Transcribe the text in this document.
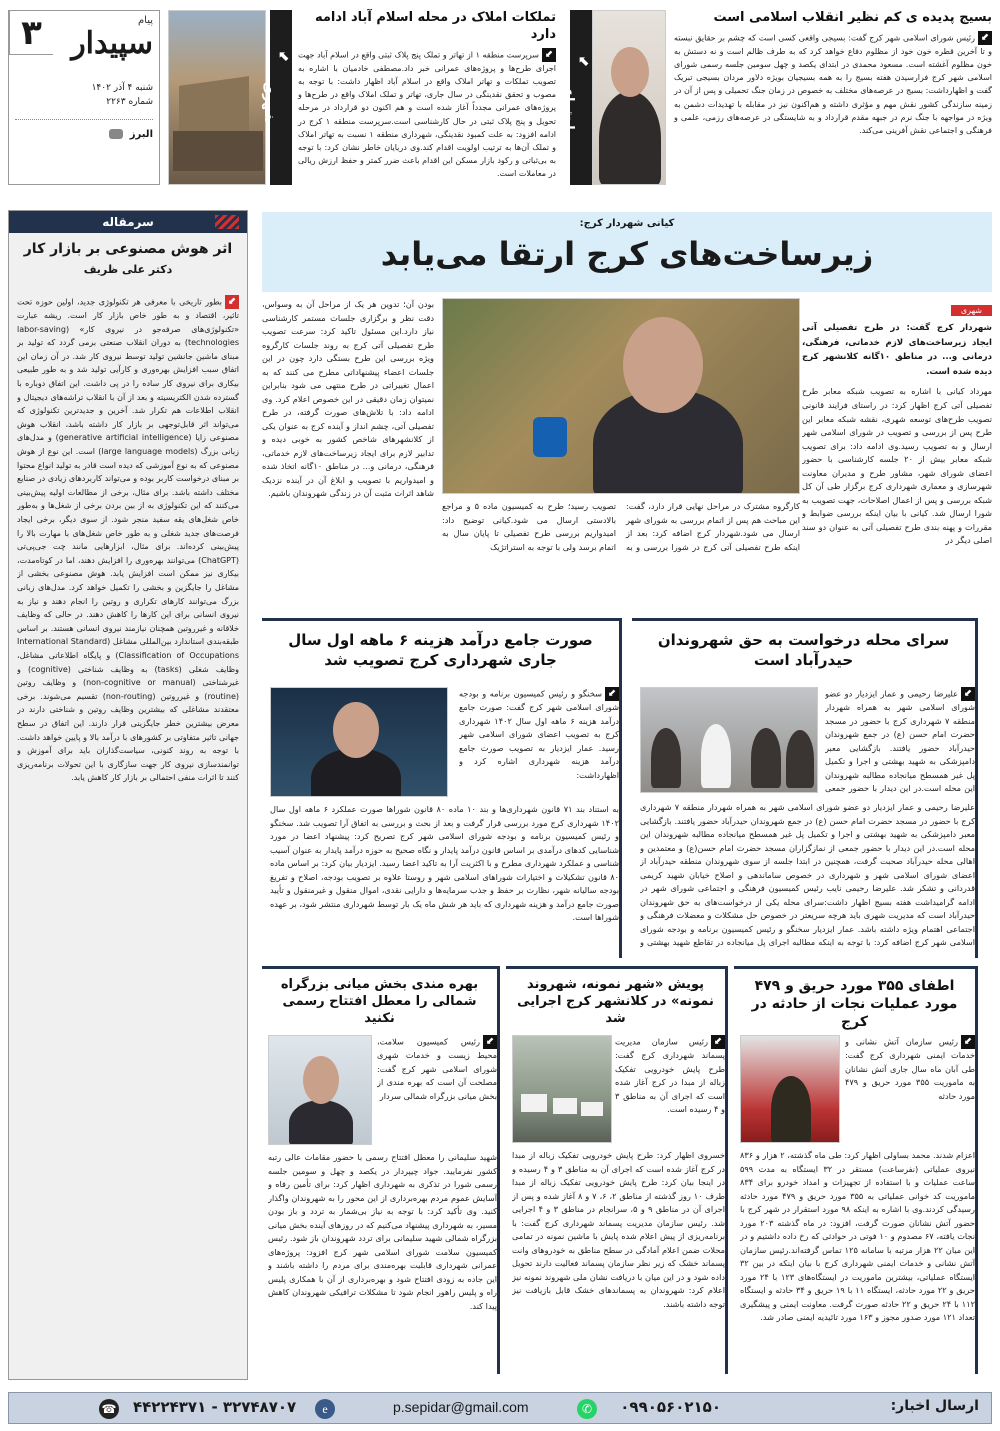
۳	پیام
سپیدار
شنبه ۴ آذر ۱۴۰۲
شماره ۲۲۶۳
البرز
⬋
شهری
تملکات املاک در محله اسلام آباد ادامه دارد

⬋سرپرست منطقه ۱ از تهاتر و تملک پنج پلاک ثبتی واقع در اسلام آباد جهت اجرای طرح‌ها و پروژه‌های عمرانی خبر داد.مصطفی خادمیان با اشاره به تصویب تملکات و تهاتر املاک واقع در اسلام آباد اظهار داشت: با توجه به مصوب و تحقق نقدینگی در سال جاری، تهاتر و تملک املاک واقع در طرح‌ها و پروژه‌های عمرانی مجدداً آغاز شده است و هم اکنون دو قرارداد در مرحله تحویل و پنج پلاک ثبتی در حال کارشناسی است.سرپرست منطقه ۱ کرج در ادامه افزود: به علت کمبود نقدینگی، شهرداری منطقه ۱ نسبت به تهاتر املاک و تملک آن‌ها به ترتیب اولویت اقدام کند.وی دریایان خاطر نشان کرد: با توجه به بی‌ثباتی و رکود بازار مسکن این اقدام باعث ضرر کمتر و حفظ ارزش ریالی در معاملات است.

⬋
اجتماعی
بسیج پدیده ی کم نظیر انقلاب اسلامی است

⬋رئیس شورای اسلامی شهر کرج گفت: بسیجی واقعی کسی است که چشم بر حقایق نبسته و تا آخرین قطره خون خود از مظلوم دفاع خواهد کرد که به طرف ظالم است و نه دستش به خون مظلوم آغشته است. مسعود محمدی در ابتدای یکصد و چهل سومین جلسه رسمی شورای اسلامی شهر کرج فرارسیدن هفته بسیج را به همه بسیجیان بویژه دلاور مردان بسیجی تبریک گفت و اظهارداشت: بسیج در عرصه‌های مختلف به خصوص در زمان جنگ تحمیلی و پس از آن در زمینه سازندگی کشور نقش مهم و مؤثری داشته و هم‌اکنون نیز در مقابله با تهدیدات دشمن به ویژه در مواجهه با جنگ نرم در جبهه مقدم قرارداد و به شایستگی در عرصه‌های رزمی، علمی و فرهنگی و اجتماعی نقش آفرینی می‌کند.

سرمقاله
اثر هوش مصنوعی بر بازار کار
دکتر علی ظریف

⬋بطور تاریخی با معرفی هر تکنولوژی جدید، اولین حوزه تحت تاثیر، اقتصاد و به طور خاص بازار کار است. ریشه عبارت «تکنولوژی‌های صرفه‌جو در نیروی کار» (labor-saving technologies) به دوران انقلاب صنعتی برمی گردد که تولید بر مبنای ماشین جانشین تولید توسط نیروی کار شد. در آن زمان این اتفاق سبب افزایش بهره‌وری و کارآیی تولید شد و به طور طبیعی بیکاری برای نیروی کار ساده را در پی داشت. این اتفاق دوباره با گسترده شدن الکتریسیته و بعد از آن با انقلاب تراشه‌های دیجیتال و انقلاب اطلاعات هم تکرار شد. آخرین و جدیدترین تکنولوژی که می‌تواند اثر قابل‌توجهی بر بازار کار داشته باشد، انقلاب هوش مصنوعی زایا (generative artificial intelligence) و مدل‌های زبانی بزرگ (large language models) است. این نوع از هوش مصنوعی که به نوع آموزشی که دیده است قادر به تولید انواع محتوا بر مبنای درخواست کاربر بوده و می‌تواند کاربردهای زیادی در صنایع مختلف داشته باشد. برای مثال، برخی از مطالعات اولیه پیش‌بینی می‌کنند که این تکنولوژی به از بین بردن برخی از شغل‌ها و به‌طور خاص شغل‌های یقه سفید منجر شود. از سوی دیگر، برخی ایجاد فرصت‌های جدید شغلی و به طور خاص شغل‌های با مهارت بالا را پیش‌بینی کرده‌اند. برای مثال، ابزارهایی مانند چت جی‌پی‌تی (ChatGPT) می‌توانند بهره‌وری را افزایش دهند، اما در کوتاه‌مدت، بیکاری نیز ممکن است افزایش یابد. هوش مصنوعی بخشی از مشاغل را جایگزین و بخشی را تکمیل خواهد کرد. مدل‌های زبانی بزرگ می‌توانند کارهای تکراری و روتین را انجام دهند و نیاز به نیروی انسانی برای این کارها را کاهش دهند. در حالی که وظایف خلاقانه و غیرروتین همچنان نیازمند نیروی انسانی هستند. بر اساس طبقه‌بندی استاندارد بین‌المللی مشاغل (International Standard Classification of Occupations) و پایگاه اطلاعاتی مشاغل، وظایف شغلی (tasks) به وظایف شناختی (cognitive) و غیرشناختی (non-cognitive or manual) و وظایف روتین (routine) و غیرروتین (non-routing) تقسیم می‌شوند. برخی معتقدند مشاغلی که بیشترین وظایف روتین و شناختی دارند در معرض بیشترین خطر جایگزینی قرار دارند. این اتفاق در سطح جهانی تاثیر متفاوتی بر کشورهای با درآمد بالا و پایین خواهد داشت. با توجه به روند کنونی، سیاست‌گذاران باید برای آموزش و توانمندسازی نیروی کار جهت سازگاری با این تحولات برنامه‌ریزی کنند تا اثرات منفی احتمالی بر بازار کار کاهش یابد.

کیانی شهردار کرج:
زیرساخت‌های کرج ارتقا می‌یابد
شهری
شهردار کرج گفت: در طرح تفصیلی آتی ایجاد زیرساخت‌های لازم خدماتی، فرهنگی، درمانی و... در مناطق ۱۰گانه کلانشهر کرج دیده شده است.

مهرداد کیانی با اشاره به تصویب شبکه معابر طرح تفصیلی آتی کرج اظهار کرد: در راستای فرایند قانونی تصویب طرح‌های توسعه شهری، نقشه شبکه معابر این طرح پس از بررسی و تصویب در شورای اسلامی شهر ارسال و به تصویب رسید.وی ادامه داد: برای تصویب شبکه معابر بیش از ۲۰ جلسه کارشناسی با حضور اعضای شورای شهر، مشاور طرح و مدیران معاونت شهرسازی و معماری شهرداری کرج برگزار طی آن کل شبکه بررسی و پس از اعمال اصلاحات، جهت تصویب به شورا ارسال شد. کیانی با بیان اینکه بررسی ضوابط و مقررات و پهنه بندی طرح تفصیلی آتی به عنوان دو سند اصلی دیگر در

کارگروه مشترک در مراحل نهایی قرار دارد، گفت: این مباحث هم پس از اتمام بررسی به شورای شهر ارسال می شود.شهردار کرج اضافه کرد: بعد از اینکه طرح تفصیلی آتی کرج در شورا بررسی و به تصویب رسید؛ طرح به کمیسیون ماده ۵ و مراجع بالادستی ارسال می شود.کیانی توضیح داد: امیدواریم بررسی طرح تفصیلی تا پایان سال به اتمام برسد ولی با توجه به استراتژیک

بودن آن؛ تدوین هر یک از مراحل آن به وسواس، دقت نظر و برگزاری جلسات مستمر کارشناسی نیاز دارد.این مسئول تاکید کرد: سرعت تصویب طرح تفصیلی آتی کرج به روند جلسات کارگروه ویژه بررسی این طرح بستگی دارد چون در این جلسات اعضاء پیشنهاداتی مطرح می کنند که به اعمال تغییراتی در طرح منتهی می شود بنابراین نمیتوان زمان دقیقی در این خصوص اعلام کرد. وی ادامه داد: با تلاش‌های صورت گرفته، در طرح تفصیلی آتی، چشم انداز و آینده کرج به عنوان یکی از کلانشهرهای شاخص کشور به خوبی دیده و تدابیر لازم برای ایجاد زیرساخت‌های لازم خدماتی، فرهنگی، درمانی و... در مناطق ۱۰گانه اتخاذ شده و امیدواریم با تصویب و ابلاغ آن در آینده نزدیک شاهد اثرات مثبت آن در زندگی شهروندان باشیم.

سرای محله درخواست به حق شهروندان حیدرآباد است

⬋علیرضا رحیمی و عمار ایزدیار دو عضو شورای اسلامی شهر به همراه شهردار منطقه ۷ شهرداری کرج با حضور در مسجد حضرت امام حسن (ع) در جمع شهروندان حیدرآباد حضور یافتند. بازگشایی معبر دامپزشکی به شهید بهشتی و اجرا و تکمیل پل غیر همسطح میانجاده مطالبه شهروندان این محله است.در این دیدار با حضور جمعی

علیرضا رحیمی و عمار ایزدیار دو عضو شورای اسلامی شهر به همراه شهردار منطقه ۷ شهرداری کرج با حضور در مسجد حضرت امام حسن (ع) در جمع شهروندان حیدرآباد حضور یافتند. بازگشایی معبر دامپزشکی به شهید بهشتی و اجرا و تکمیل پل غیر همسطح میانجاده مطالبه شهروندان این محله است.در این دیدار با حضور جمعی از نمازگزاران مسجد حضرت امام حسن(ع) و معتمدین و اهالی محله حیدرآباد صحبت گرفت، همچنین در ابتدا جلسه از سوی شهروندان منطقه حیدرآباد از اعضای شورای اسلامی شهر و شهرداری در خصوص ساماندهی و اصلاح خیابان شهید کریمی قدردانی و تشکر شد. علیرضا رحیمی نایب رئیس کمیسیون فرهنگی و اجتماعی شورای شهر در ادامه گرامیداشت هفته بسیج اظهار داشت:سرای محله یکی از درخواست‌های به حق شهروندان حیدرآباد است که مدیریت شهری باید هرچه سریعتر در خصوص حل مشکلات و معضلات فرهنگی و اجتماعی اهتمام ویژه داشته باشد. عمار ایزدیار سخنگو و رئیس کمیسیون برنامه و بودجه شورای اسلامی شهر کرج اضافه کرد: با توجه به اینکه مطالبه اجرای پل میانجاده در تقاطع شهید بهشتی و

صورت جامع درآمد هزینه ۶ ماهه اول سال جاری شهرداری کرج تصویب شد

⬋سخنگو و رئیس کمیسیون برنامه و بودجه شورای اسلامی شهر کرج گفت: صورت جامع درآمد هزینه ۶ ماهه اول سال ۱۴۰۲ شهرداری کرج به تصویب اعضای شورای اسلامی شهر رسید. عمار ایزدیار به تصویب صورت جامع درآمد هزینه شهرداری اشاره کرد و اظهارداشت:

به استناد بند ۷۱ قانون شهرداری‌ها و بند ۱۰ ماده ۸۰ قانون شوراها صورت عملکرد ۶ ماهه اول سال ۱۴۰۲ شهرداری کرج مورد بررسی قرار گرفت و بعد از بحث و بررسی به اتفاق آرا تصویب شد. سخنگو و رئیس کمیسیون برنامه و بودجه شورای اسلامی شهر کرج تصریح کرد: پیشنهاد اعضا در مورد شناسایی کدهای درآمدی بر اساس قانون درآمد پایدار و نگاه صحیح به حوزه درآمد پایدار به عنوان آسیب شناسی و عملکرد شهرداری مطرح و با اکثریت آرا به تاکید اعضا رسید. ایزدیار بیان کرد: بر اساس ماده ۸۰ قانون تشکیلات و اختیارات شوراهای اسلامی شهر و روستا علاوه بر تصویب بودجه، اصلاح و تفریغ بودجه سالیانه شهر، نظارت بر حفظ و جذب سرمایه‌ها و دارایی نقدی، اموال منقول و غیرمنقول و تأیید صورت جامع درآمد و هزینه شهرداری که باید هر شش ماه یک بار توسط شهرداری منتشر شود، بر عهده شوراها است.

اطفای ۳۵۵ مورد حریق و ۴۷۹ مورد عملیات نجات از حادثه در کرج

⬋رئیس سازمان آتش نشانی و خدمات ایمنی شهرداری کرج گفت: طی آبان ماه سال جاری آتش نشانان به ماموریت ۳۵۵ مورد حریق و ۴۷۹ مورد حادثه

اعزام شدند. محمد بساولی اظهار کرد: طی ماه گذشته، ۲ هزار و ۸۳۶ نیروی عملیاتی (نفرساعت) مستقر در ۳۲ ایستگاه به مدت ۵۹۹ ساعت عملیات و با استفاده از تجهیزات و امداد خودرو برای ۸۳۴ ماموریت کد خوانی عملیاتی به ۳۵۵ مورد حریق و ۴۷۹ مورد حادثه رسیدگی کردند.وی با اشاره به اینکه ۹۸ مورد استقرار در شهر کرج با حضور آتش نشانان صورت گرفت، افزود: در ماه گذشته ۲۰۳ مورد نجات یافته، ۶۷ مصدوم و ۱۰ فوتی در حوادثی که رخ داده داشتیم و در این میان ۲۲ هزار مرتبه با سامانه ۱۲۵ تماس گرفته‌اند.رئیس سازمان آتش نشانی و خدمات ایمنی شهرداری کرج با بیان اینکه در بین ۳۲ ایستگاه عملیاتی، بیشترین ماموریت در ایستگاه‌های ۱۲۳ با ۲۴ مورد حریق و ۲۲ مورد حادثه، ایستگاه ۱۱ با ۱۹ حریق و ۳۴ حادثه و ایستگاه ۱۱۲ با ۲۴ حریق و ۲۲ حادثه صورت گرفت. معاونت ایمنی و پیشگیری تعداد ۱۲۱ مورد صدور مجوز و ۱۶۳ مورد تائیدیه ایمنی صادر شد.

پویش «شهر نمونه، شهروند نمونه» در کلانشهر کرج اجرایی شد

⬋رئیس سازمان مدیریت پسماند شهرداری کرج گفت: طرح پایش خودرویی تفکیک زباله از مبدا در کرج آغاز شده است که اجرای آن به مناطق ۳ و ۴ رسیده است.

خسروی اظهار کرد: طرح پایش خودرویی تفکیک زباله از مبدا در کرج آغاز شده است که اجرای آن به مناطق ۳ و ۴ رسیده و در اینجا بیان کرد: طرح پایش خودرویی تفکیک زباله از مبدا طرف ۱۰ روز گذشته از مناطق ۲، ۶، ۷ و ۸ آغاز شده و پس از اجرای آن در مناطق ۹ و ۵، سرانجام در مناطق ۳ و ۴ اجرایی شد. رئیس سازمان مدیریت پسماند شهرداری کرج گفت: با برنامه‌ریزی از پیش اعلام شده پایش با ماشین نمونه در تمامی محلات ضمن اعلام آمادگی در سطح مناطق به خودروهای وانت پسماند خشک که زیر نظر سازمان پسماند فعالیت دارند تحویل داده شود و در این میان با دریافت نشان ملی شهروند نمونه نیز اعلام کرد: شهروندان به پسماندهای خشک قابل بازیافت نیز توجه داشته باشند.

بهره مندی بخش میانی بزرگراه شمالی را معطل افتتاح رسمی نکنید

⬋رئیس کمیسیون سلامت، محیط زیست و خدمات شهری شورای اسلامی شهر کرج گفت: مصلحت آن است که بهره مندی از بخش میانی بزرگراه شمالی سردار

شهید سلیمانی را معطل افتتاح رسمی با حضور مقامات عالی رتبه کشور نفرمایید. جواد چیپردار در یکصد و چهل و سومین جلسه رسمی شورا در تذکری به شهرداری اظهار کرد: برای تأمین رفاه و آسایش عموم مردم بهره‌برداری از این محور را به شهروندان واگذار کنید. وی تأکید کرد: با توجه به نیاز بی‌شمار به تردد و باز بودن مسیر، به شهرداری پیشنهاد می‌کنیم که در روزهای آینده بخش میانی بزرگراه شمالی شهید سلیمانی برای تردد شهروندان باز شود. رئیس کمیسیون سلامت شورای اسلامی شهر کرج افزود: پروژه‌های عمرانی شهرداری قابلیت بهره‌مندی برای مردم را داشته باشند و این جاده به زودی افتتاح شود و بهره‌برداری از آن با همکاری پلیس راه و پلیس راهور انجام شود تا مشکلات ترافیکی شهروندان کاهش پیدا کند.

ارسال اخبار:
۰۹۹۰۵۶۰۲۱۵۰
✆
p.sepidar@gmail.com
e
۳۲۷۴۸۷۰۷ - ۴۴۲۲۴۳۷۱
☎
